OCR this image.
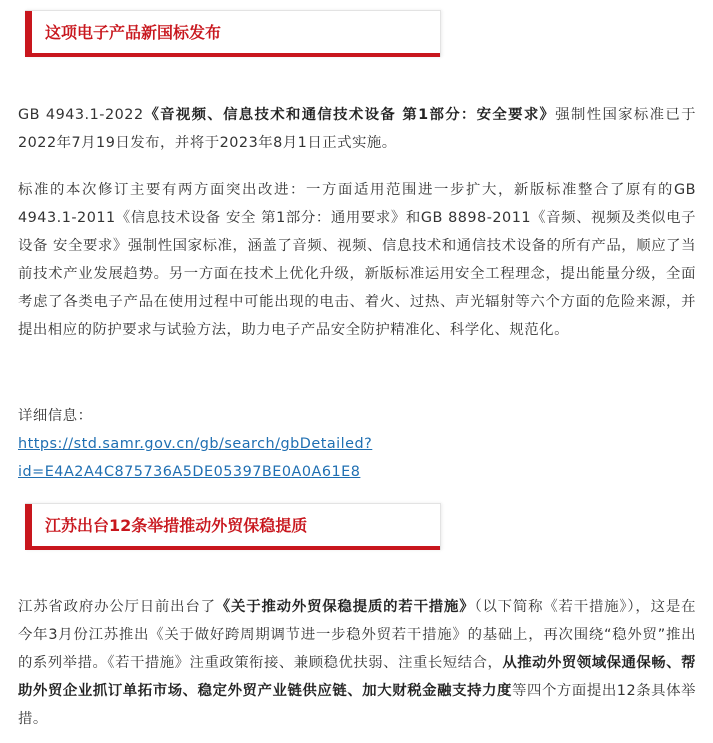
这项电子产品新国标发布

GB 4943.1-2022《音视频、信息技术和通信技术设备 第1部分：安全要求》强制性国家标准已于2022年7月19日发布，并将于2023年8月1日正式实施。

标准的本次修订主要有两方面突出改进：一方面适用范围进一步扩大，新版标准整合了原有的GB 4943.1-2011《信息技术设备 安全 第1部分：通用要求》和GB 8898-2011《音频、视频及类似电子设备 安全要求》强制性国家标准，涵盖了音频、视频、信息技术和通信技术设备的所有产品，顺应了当前技术产业发展趋势。另一方面在技术上优化升级，新版标准运用安全工程理念，提出能量分级，全面考虑了各类电子产品在使用过程中可能出现的电击、着火、过热、声光辐射等六个方面的危险来源，并提出相应的防护要求与试验方法，助力电子产品安全防护精准化、科学化、规范化。

详细信息：
https://std.samr.gov.cn/gb/search/gbDetailed?
id=E4A2A4C875736A5DE05397BE0A0A61E8

江苏出台12条举措推动外贸保稳提质

江苏省政府办公厅日前出台了《关于推动外贸保稳提质的若干措施》（以下简称《若干措施》），这是在今年3月份江苏推出《关于做好跨周期调节进一步稳外贸若干措施》的基础上，再次围绕“稳外贸”推出的系列举措。《若干措施》注重政策衔接、兼顾稳优扶弱、注重长短结合，从推动外贸领域保通保畅、帮助外贸企业抓订单拓市场、稳定外贸产业链供应链、加大财税金融支持力度等四个方面提出12条具体举措。
